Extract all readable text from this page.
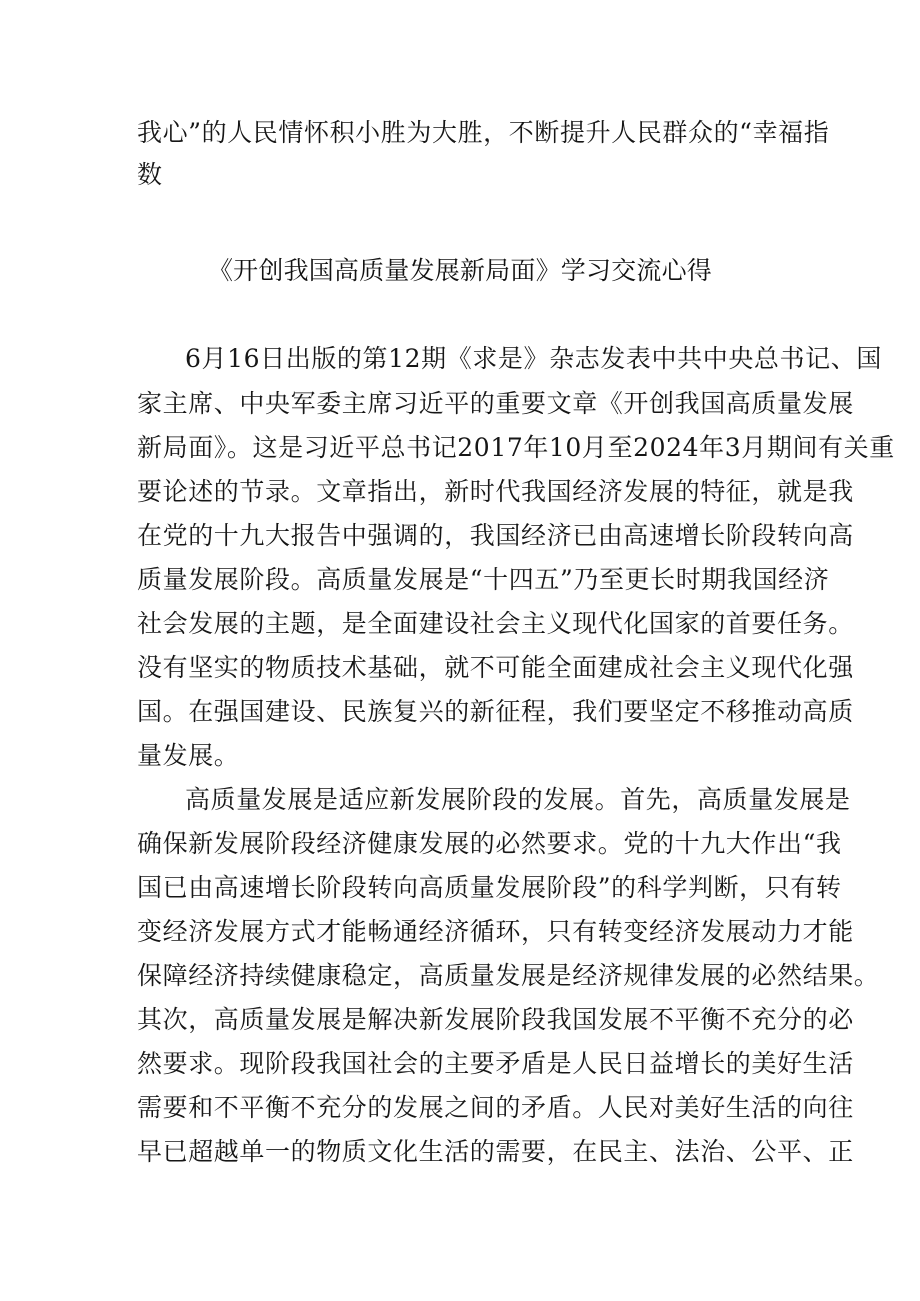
我心”的人民情怀积小胜为大胜，不断提升人民群众的“幸福指
数
《开创我国高质量发展新局面》学习交流心得
6月16日出版的第12期《求是》杂志发表中共中央总书记、国
家主席、中央军委主席习近平的重要文章《开创我国高质量发展
新局面》。这是习近平总书记2017年10月至2024年3月期间有关重
要论述的节录。文章指出，新时代我国经济发展的特征，就是我
在党的十九大报告中强调的，我国经济已由高速增长阶段转向高
质量发展阶段。高质量发展是“十四五”乃至更长时期我国经济
社会发展的主题，是全面建设社会主义现代化国家的首要任务。
没有坚实的物质技术基础，就不可能全面建成社会主义现代化强
国。在强国建设、民族复兴的新征程，我们要坚定不移推动高质
量发展。
高质量发展是适应新发展阶段的发展。首先，高质量发展是
确保新发展阶段经济健康发展的必然要求。党的十九大作出“我
国已由高速增长阶段转向高质量发展阶段”的科学判断，只有转
变经济发展方式才能畅通经济循环，只有转变经济发展动力才能
保障经济持续健康稳定，高质量发展是经济规律发展的必然结果。
其次，高质量发展是解决新发展阶段我国发展不平衡不充分的必
然要求。现阶段我国社会的主要矛盾是人民日益增长的美好生活
需要和不平衡不充分的发展之间的矛盾。人民对美好生活的向往
早已超越单一的物质文化生活的需要，在民主、法治、公平、正
